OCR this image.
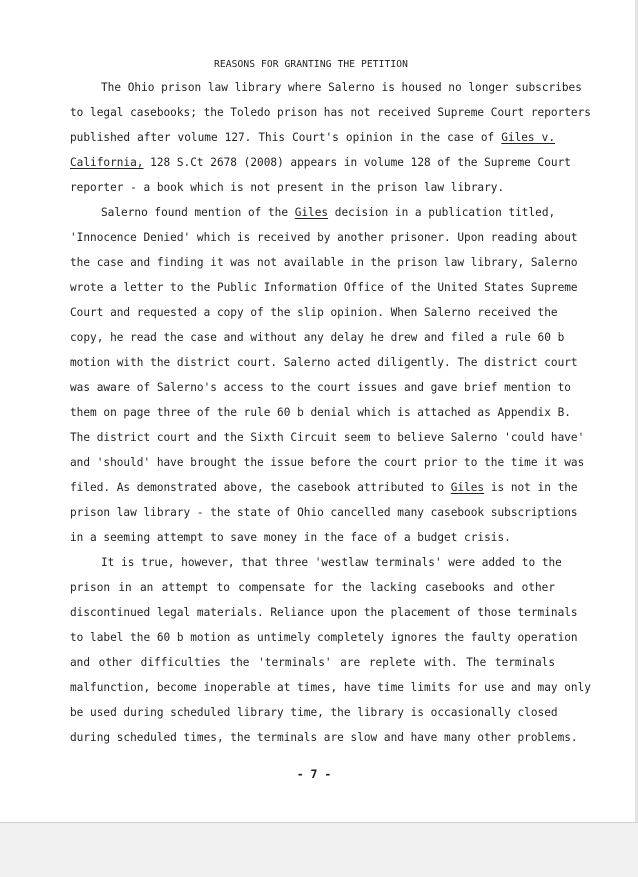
REASONS FOR GRANTING THE PETITION
The Ohio prison law library where Salerno is housed no longer subscribes
to legal casebooks; the Toledo prison has not received Supreme Court reporters
published after volume 127. This Court's opinion in the case of Giles v.
California, 128 S.Ct 2678 (2008) appears in volume 128 of the Supreme Court
reporter - a book which is not present in the prison law library.
Salerno found mention of the Giles decision in a publication titled,
'Innocence Denied' which is received by another prisoner. Upon reading about
the case and finding it was not available in the prison law library, Salerno
wrote a letter to the Public Information Office of the United States Supreme
Court and requested a copy of the slip opinion. When Salerno received the
copy, he read the case and without any delay he drew and filed a rule 60 b
motion with the district court. Salerno acted diligently. The district court
was aware of Salerno's access to the court issues and gave brief mention to
them on page three of the rule 60 b denial which is attached as Appendix B.
The district court and the Sixth Circuit seem to believe Salerno 'could have'
and 'should' have brought the issue before the court prior to the time it was
filed. As demonstrated above, the casebook attributed to Giles is not in the
prison law library - the state of Ohio cancelled many casebook subscriptions
in a seeming attempt to save money in the face of a budget crisis.
It is true, however, that three 'westlaw terminals' were added to the
prison in an attempt to compensate for the lacking casebooks and other
discontinued legal materials. Reliance upon the placement of those terminals
to label the 60 b motion as untimely completely ignores the faulty operation
and other difficulties the 'terminals' are replete with. The terminals
malfunction, become inoperable at times, have time limits for use and may only
be used during scheduled library time, the library is occasionally closed
during scheduled times, the terminals are slow and have many other problems.
- 7 -
